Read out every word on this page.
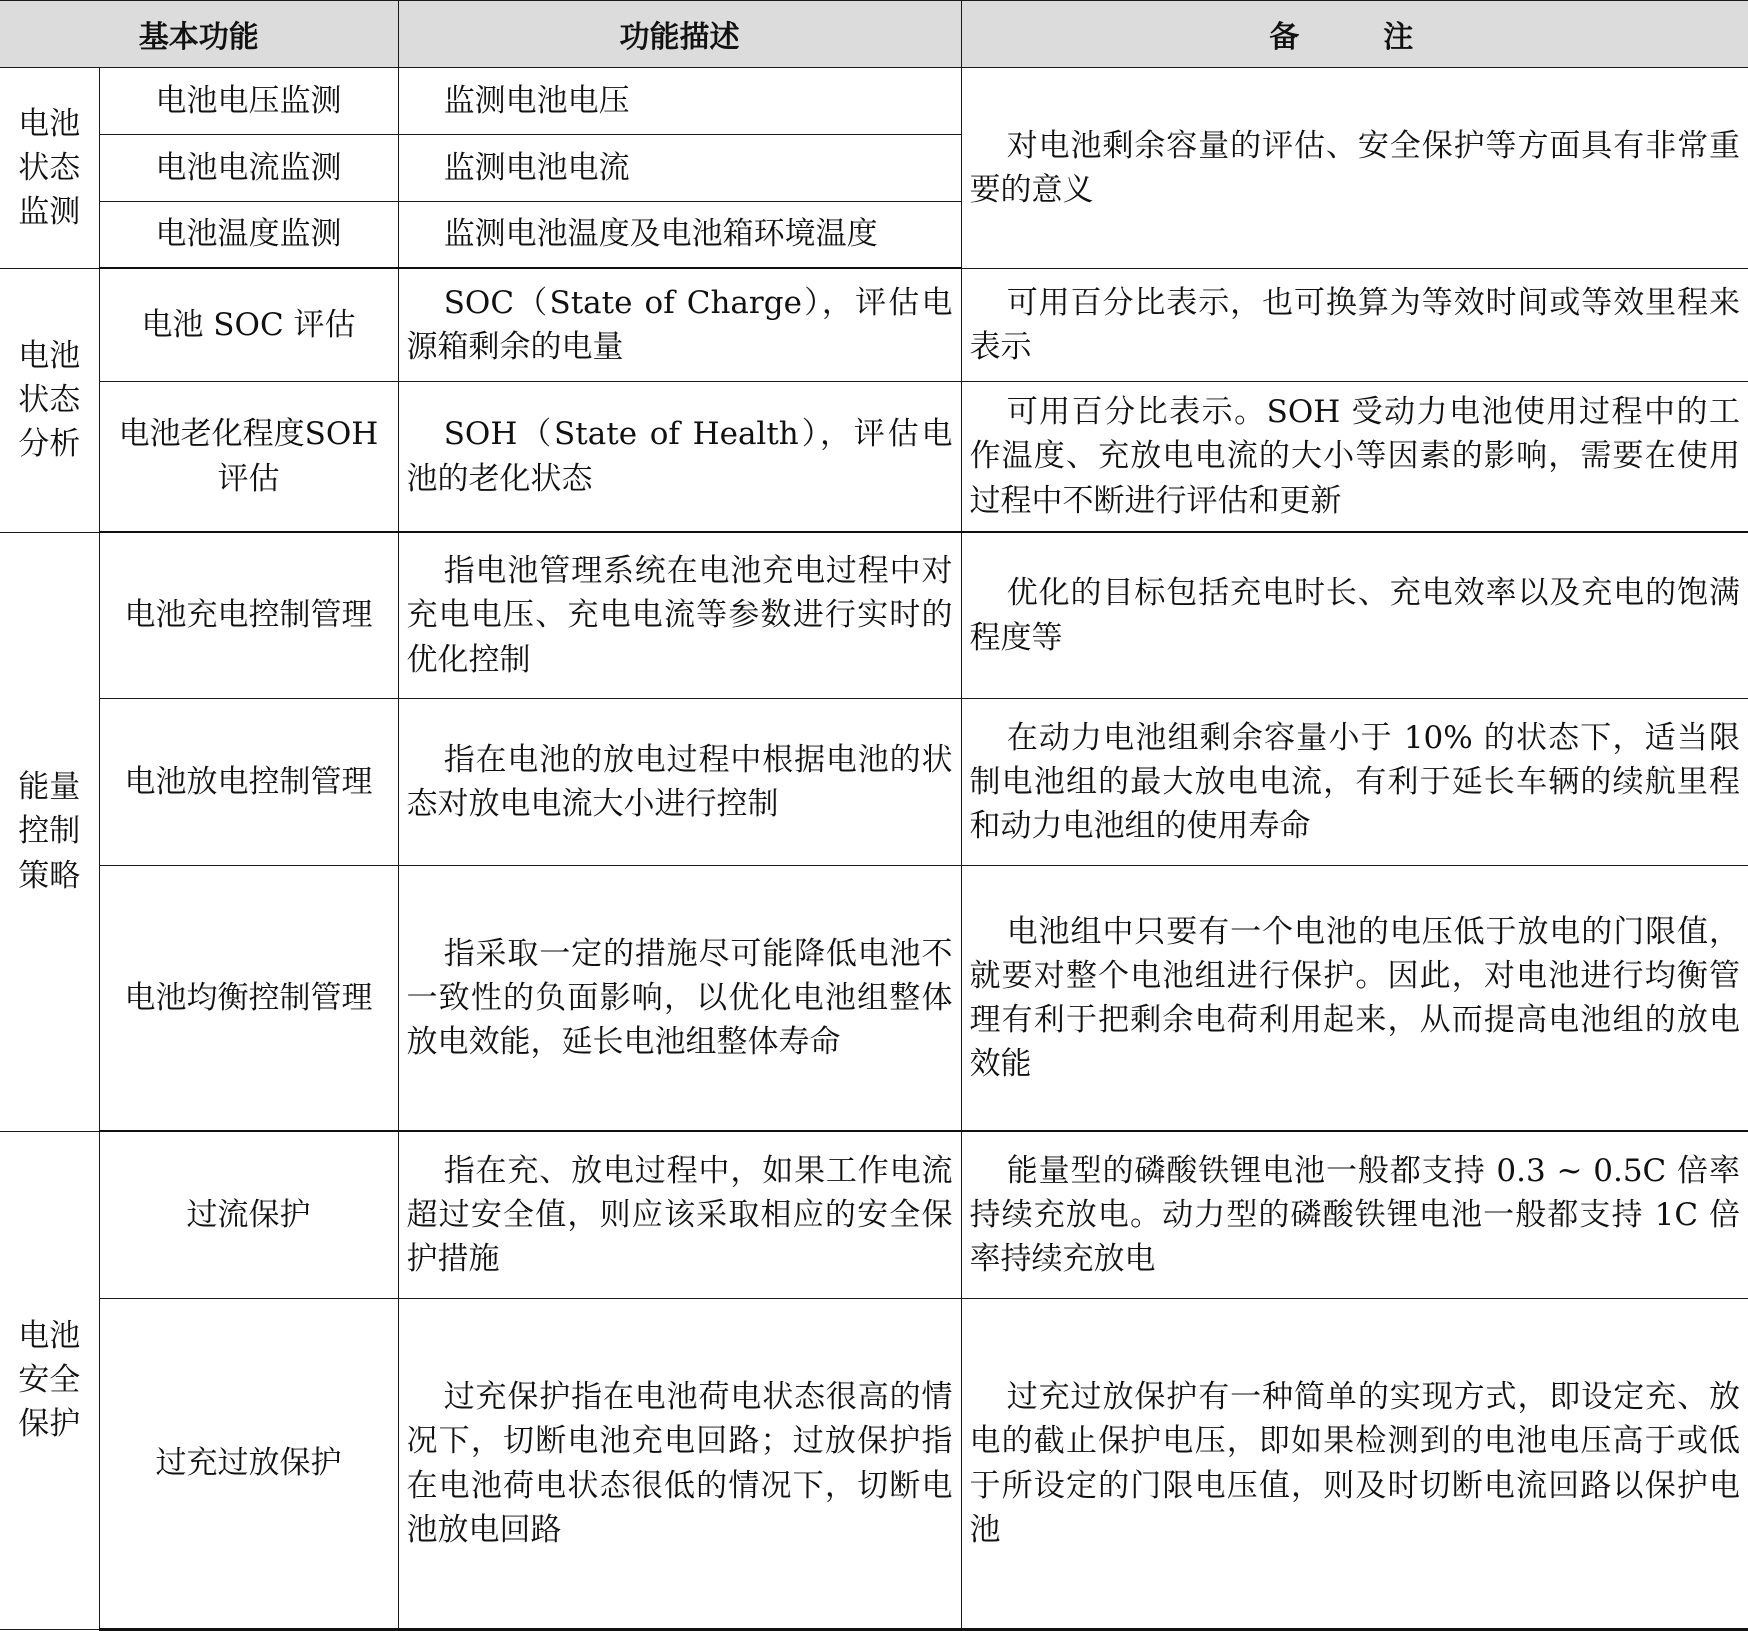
基本功能		功能描述	备　注
电池状态监测	电池电压监测	监测电池电压	对电池剩余容量的评估、安全保护等方面具有非常重要的意义
	电池电流监测	监测电池电流	
	电池温度监测	监测电池温度及电池箱环境温度	
电池状态分析	电池 SOC 评估	SOC（State of Charge），评估电源箱剩余的电量	可用百分比表示，也可换算为等效时间或等效里程来表示
	电池老化程度SOH 评估	SOH（State of Health），评估电池的老化状态	可用百分比表示。SOH 受动力电池使用过程中的工作温度、充放电电流的大小等因素的影响，需要在使用过程中不断进行评估和更新
能量控制策略	电池充电控制管理	指电池管理系统在电池充电过程中对充电电压、充电电流等参数进行实时的优化控制	优化的目标包括充电时长、充电效率以及充电的饱满程度等
	电池放电控制管理	指在电池的放电过程中根据电池的状态对放电电流大小进行控制	在动力电池组剩余容量小于 10% 的状态下，适当限制电池组的最大放电电流，有利于延长车辆的续航里程和动力电池组的使用寿命
	电池均衡控制管理	指采取一定的措施尽可能降低电池不一致性的负面影响，以优化电池组整体放电效能，延长电池组整体寿命	电池组中只要有一个电池的电压低于放电的门限值，就要对整个电池组进行保护。因此，对电池进行均衡管理有利于把剩余电荷利用起来，从而提高电池组的放电效能
电池安全保护	过流保护	指在充、放电过程中，如果工作电流超过安全值，则应该采取相应的安全保护措施	能量型的磷酸铁锂电池一般都支持 0.3 ~ 0.5C 倍率持续充放电。动力型的磷酸铁锂电池一般都支持 1C 倍率持续充放电
	过充过放保护	过充保护指在电池荷电状态很高的情况下，切断电池充电回路；过放保护指在电池荷电状态很低的情况下，切断电池放电回路	过充过放保护有一种简单的实现方式，即设定充、放电的截止保护电压，即如果检测到的电池电压高于或低于所设定的门限电压值，则及时切断电流回路以保护电池
